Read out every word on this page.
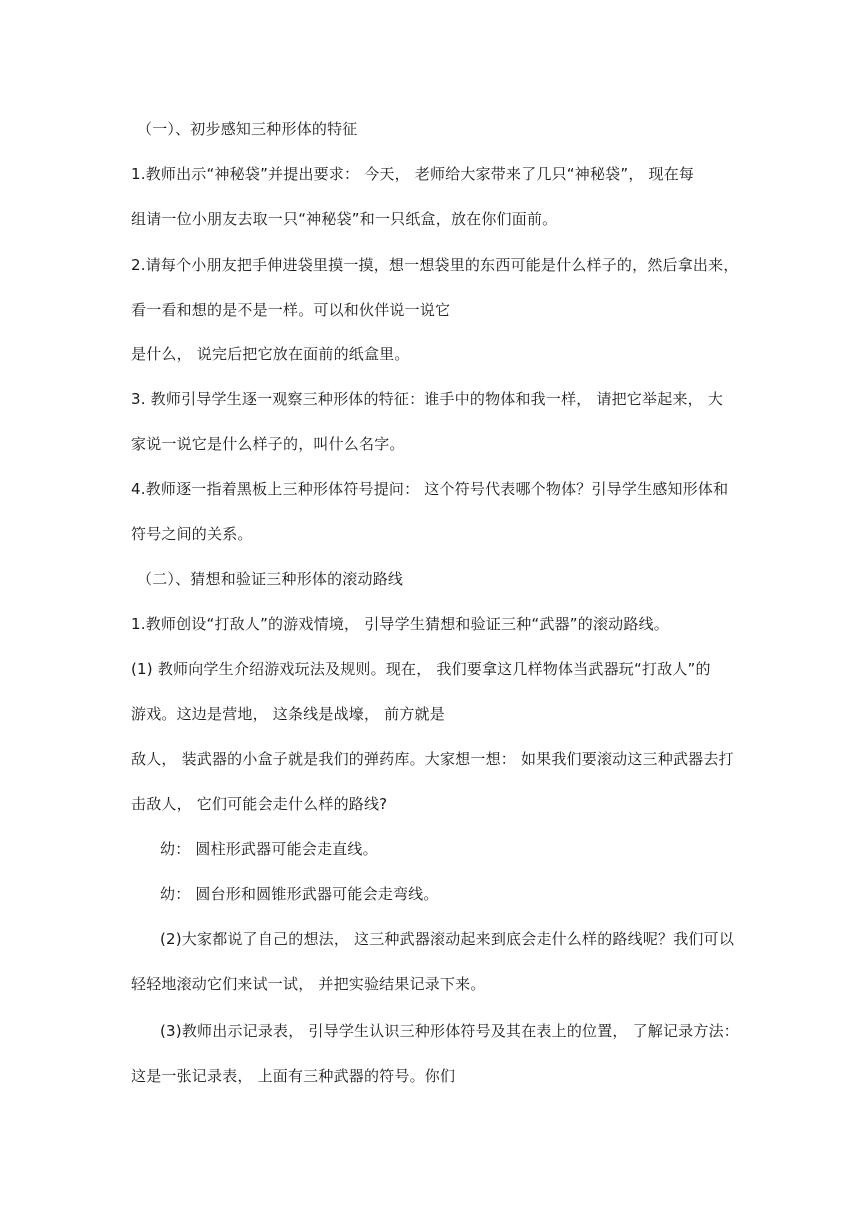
（一）、初步感知三种形体的特征
1.教师出示“神秘袋”并提出要求： 今天， 老师给大家带来了几只“神秘袋”， 现在每
组请一位小朋友去取一只“神秘袋”和一只纸盒，放在你们面前。
2.请每个小朋友把手伸进袋里摸一摸，想一想袋里的东西可能是什么样子的，然后拿出来，
看一看和想的是不是一样。可以和伙伴说一说它
是什么， 说完后把它放在面前的纸盒里。
3. 教师引导学生逐一观察三种形体的特征：谁手中的物体和我一样， 请把它举起来， 大
家说一说它是什么样子的，叫什么名字。
4.教师逐一指着黑板上三种形体符号提问： 这个符号代表哪个物体？引导学生感知形体和
符号之间的关系。
（二）、猜想和验证三种形体的滚动路线
1.教师创设“打敌人”的游戏情境， 引导学生猜想和验证三种“武器”的滚动路线。
(1) 教师向学生介绍游戏玩法及规则。现在， 我们要拿这几样物体当武器玩“打敌人”的
游戏。这边是营地， 这条线是战壕， 前方就是
敌人， 装武器的小盒子就是我们的弹药库。大家想一想： 如果我们要滚动这三种武器去打
击敌人， 它们可能会走什么样的路线?
幼： 圆柱形武器可能会走直线。
幼： 圆台形和圆锥形武器可能会走弯线。
(2)大家都说了自己的想法， 这三种武器滚动起来到底会走什么样的路线呢？我们可以
轻轻地滚动它们来试一试， 并把实验结果记录下来。
(3)教师出示记录表， 引导学生认识三种形体符号及其在表上的位置， 了解记录方法：
这是一张记录表， 上面有三种武器的符号。你们
